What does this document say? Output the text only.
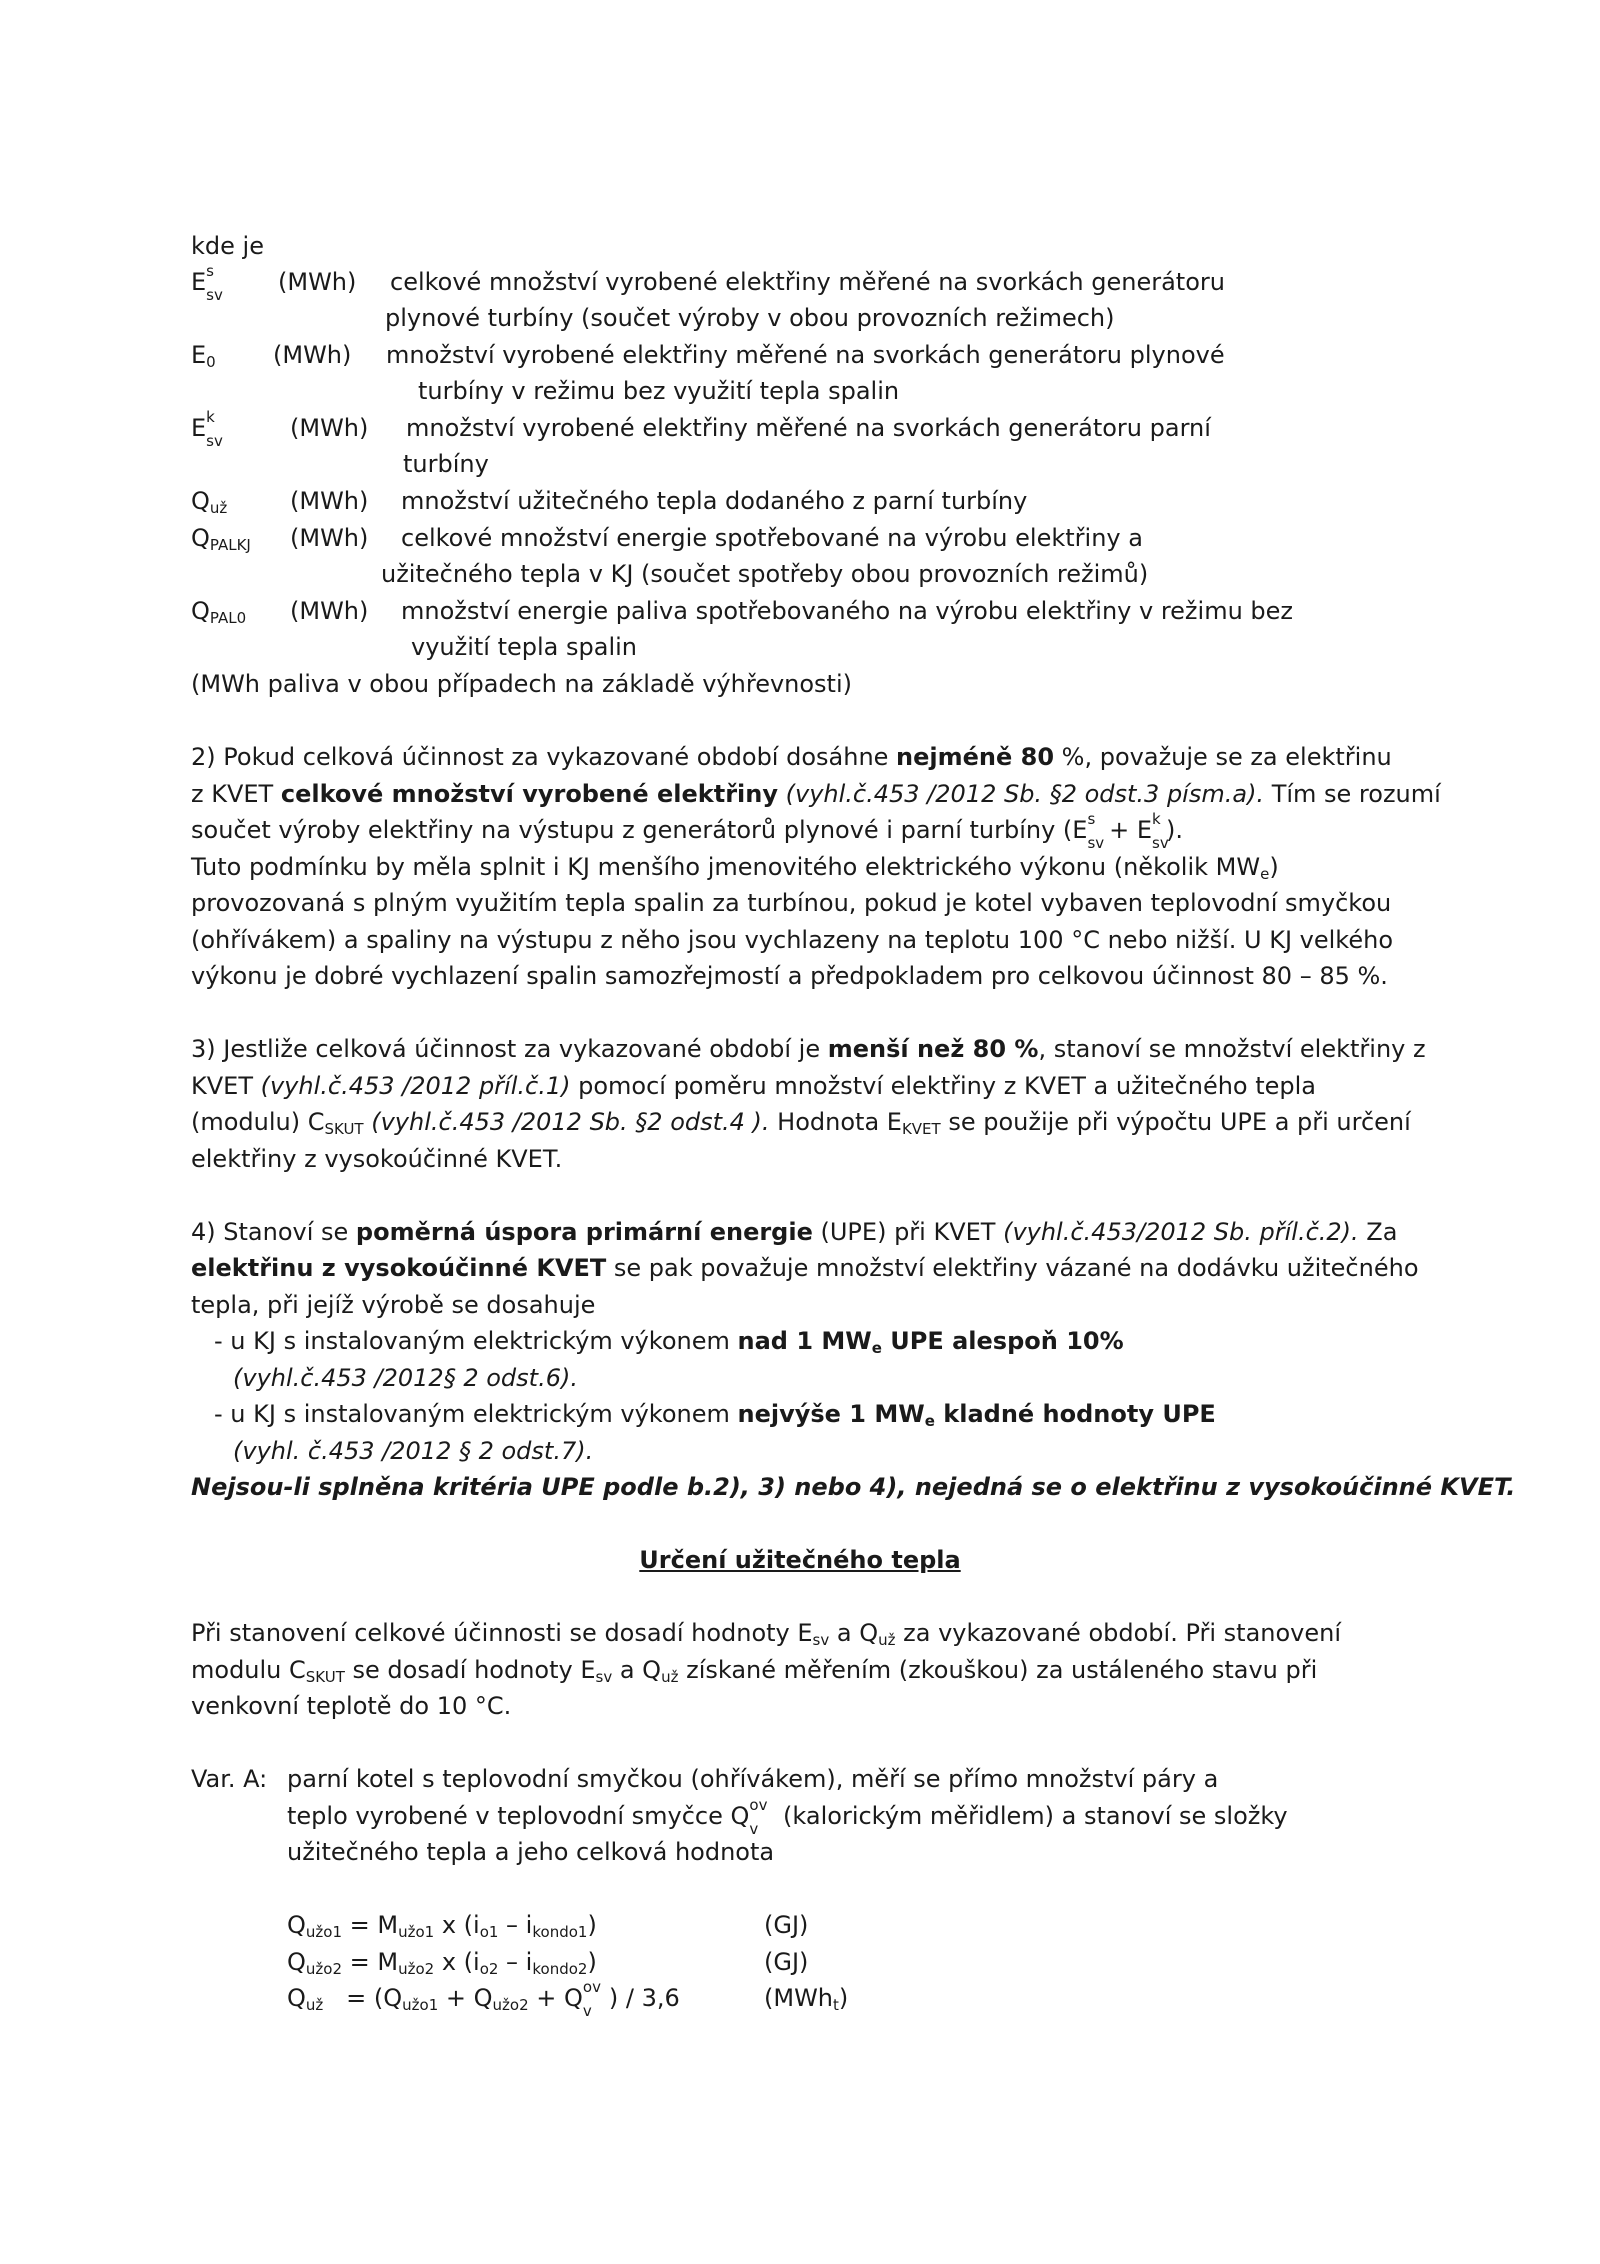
kde je
E s
sv (MWh) celkové množství vyrobené elektřiny měřené na svorkách generátoru
plynové turbíny (součet výroby v obou provozních režimech)
$E_0$ (MWh) množství vyrobené elektřiny měřené na svorkách generátoru plynové
turbíny v režimu bez využití tepla spalin
E k
sv	(MWh) množství vyrobené elektřiny měřené na svorkách generátoru parní
turbíny
$Q_{už}$	(MWh) množství užitečného tepla dodaného z parní turbíny
$Q_{PALKJ}$ (MWh) celkové množství energie spotřebované na výrobu elektřiny a
užitečného tepla v KJ (součet spotřeby obou provozních režimů)
$Q_{PAL0}$ (MWh) množství energie paliva spotřebovaného na výrobu elektřiny v režimu bez
využití tepla spalin
(MWh paliva v obou případech na základě výhřevnosti)
2) Pokud celková účinnost za vykazované období dosáhne nejméně 80 %, považuje se za elektřinu
z KVET celkové množství vyrobené elektřiny (vyhl.č.453 /2012 Sb. §2 odst.3 písm.a). Tím se rozumí
součet výroby elektřiny na výstupu z generátorů plynové i parní turbíny (E s
sv
+ E k
sv
).
Tuto podmínku by měla splnit i KJ menšího jmenovitého elektrického výkonu (několik $MW_e$)
provozovaná s plným využitím tepla spalin za turbínou, pokud je kotel vybaven teplovodní smyčkou
(ohřívákem) a spaliny na výstupu z něho jsou vychlazeny na teplotu 100 °C nebo nižší. U KJ velkého
výkonu je dobré vychlazení spalin samozřejmostí a předpokladem pro celkovou účinnost 80 – 85 %.
3) Jestliže celková účinnost za vykazované období je menší než 80 %, stanoví se množství elektřiny z
KVET (vyhl.č.453 /2012 příl.č.1) pomocí poměru množství elektřiny z KVET a užitečného tepla
(modulu) $C_{SKUT}$ (vyhl.č.453 /2012 Sb. §2 odst.4 ). Hodnota $E_{KVET}$ se použije při výpočtu UPE a při určení
elektřiny z vysokoúčinné KVET.
4) Stanoví se poměrná úspora primární energie (UPE) při KVET (vyhl.č.453/2012 Sb. příl.č.2). Za
elektřinu z vysokoúčinné KVET se pak považuje množství elektřiny vázané na dodávku užitečného
tepla, při jejíž výrobě se dosahuje
- u KJ s instalovaným elektrickým výkonem nad 1 $MW_e$ UPE alespoň 10%
(vyhl.č.453 /2012§ 2 odst.6).
- u KJ s instalovaným elektrickým výkonem nejvýše 1 $MW_e$ kladné hodnoty UPE
(vyhl. č.453 /2012 § 2 odst.7).
Nejsou-li splněna kritéria UPE podle b.2), 3) nebo 4), nejedná se o elektřinu z vysokoúčinné KVET.
Určení užitečného tepla
Při stanovení celkové účinnosti se dosadí hodnoty $E_{sv}$ a $Q_{už}$ za vykazované období. Při stanovení
modulu $C_{SKUT}$ se dosadí hodnoty $E_{sv}$ a $Q_{už}$ získané měřením (zkouškou) za ustáleného stavu při
venkovní teplotě do 10 °C.
Var. A: parní kotel s teplovodní smyčkou (ohřívákem), měří se přímo množství páry a
teplo vyrobené v teplovodní smyčce Q ov
v (kalorickým měřidlem) a stanoví se složky
užitečného tepla a jeho celková hodnota
$Q_{užo1} = M_{užo1}$ x $(i_{o1} - i_{kondo1})$	(GJ)
$Q_{užo2} = M_{užo2}$ x $(i_{o2} - i_{kondo2})$	(GJ)
$Q_{už} = (Q_{užo1} + Q_{užo2} + Q$ ov
v ) / 3,6	(MWh$_t$)
